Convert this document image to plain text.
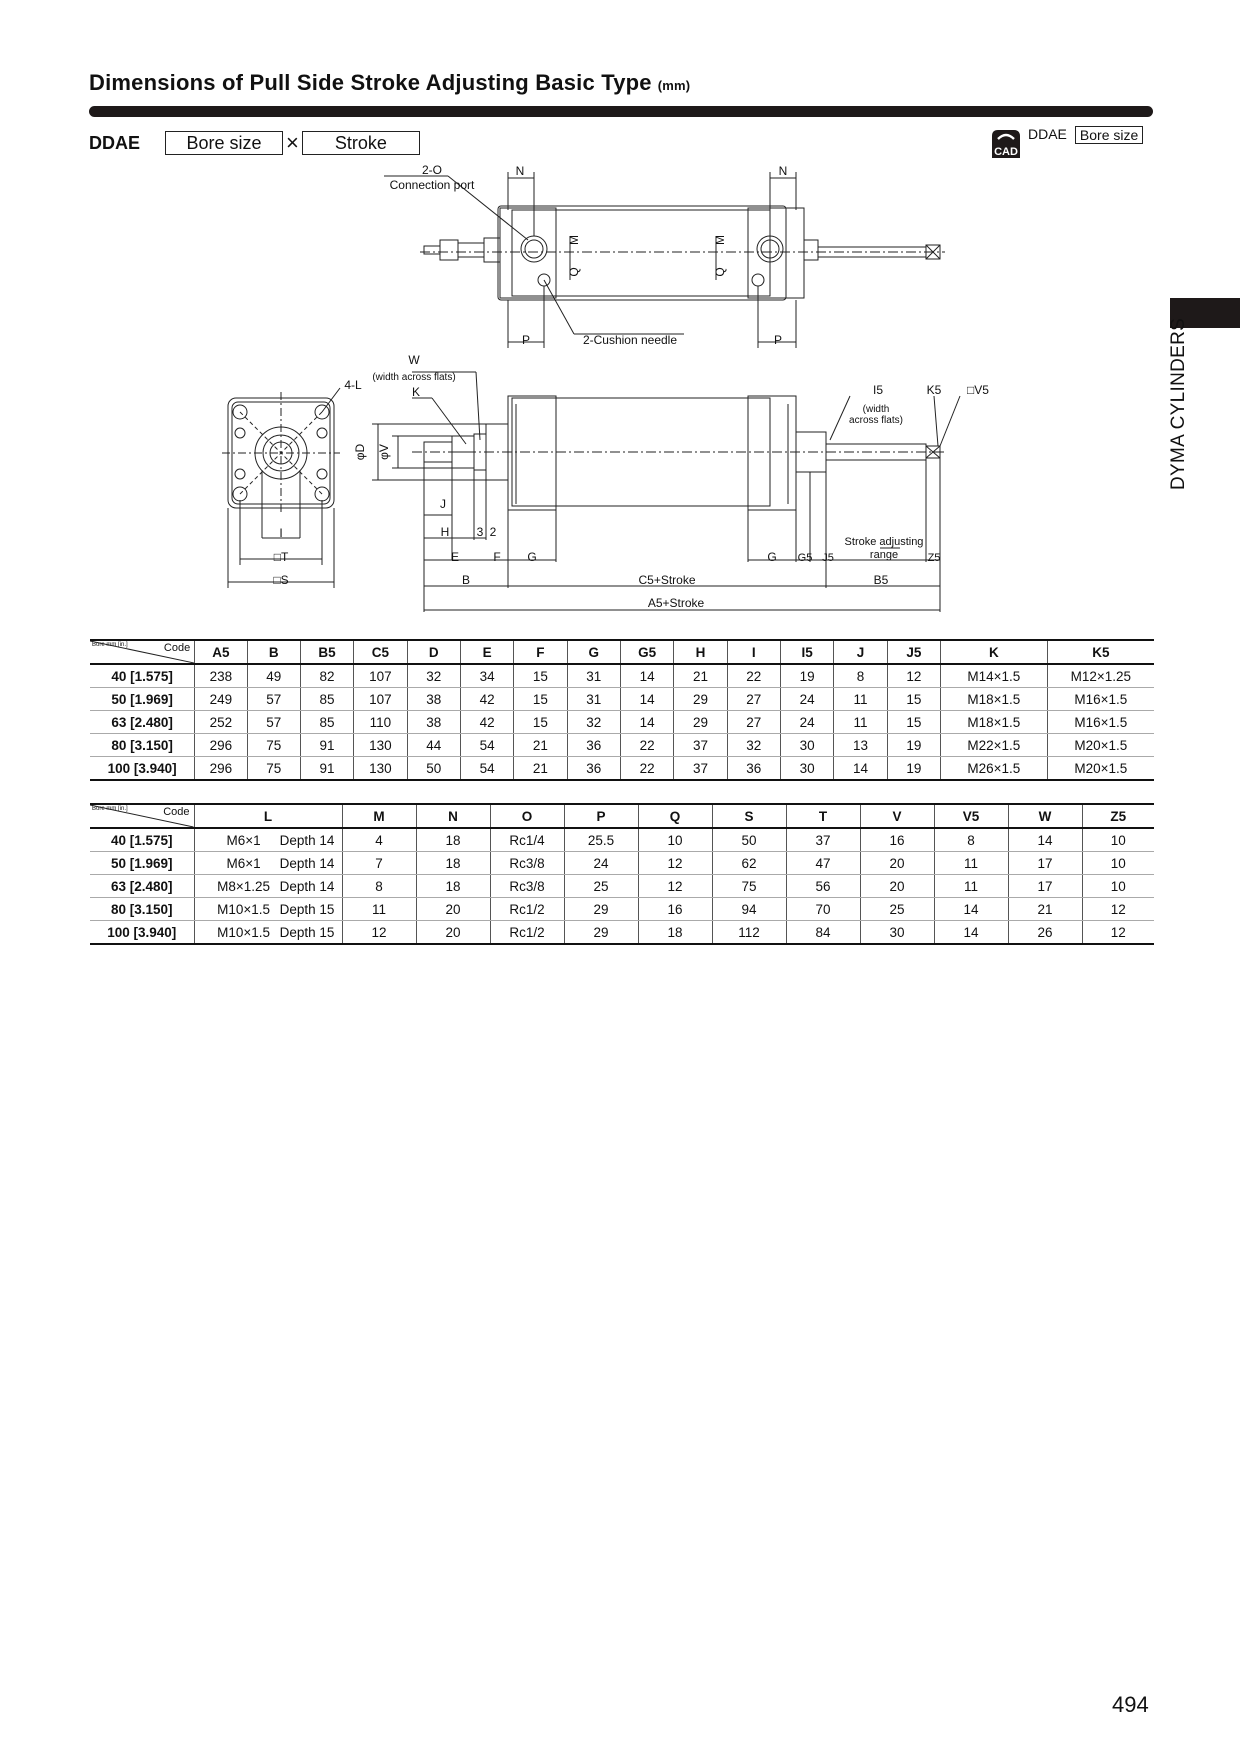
Dimensions of Pull Side Stroke Adjusting Basic Type (mm)
DDAE	Bore size	×	Stroke	CAD
DDAE Bore size
DYMA CYLINDERS
2-O
Connection port
N	N
M	M
Q	Q
P	P
2-Cushion needle
W
(width across flats)
K
4-L
φD φV
J
H 3 2
E	F G	G
B
I
□T
□S
I5
(width
across flats)
K5 □V5
G5 J5
Stroke adjusting
range	Z5
C5+Stroke	B5
A5+Stroke
Code
Bore mm [in.]	A5	B	B5	C5	D	E	F	G	G5	H	I	I5	J	J5	K	K5
40 [1.575]	238	49	82	107	32	34	15	31	14	21	22	19	8	12	M14×1.5	M12×1.25
50 [1.969]	249	57	85	107	38	42	15	31	14	29	27	24	11	15	M18×1.5	M16×1.5
63 [2.480]	252	57	85	110	38	42	15	32	14	29	27	24	11	15	M18×1.5	M16×1.5
80 [3.150]	296	75	91	130	44	54	21	36	22	37	32	30	13	19	M22×1.5	M20×1.5
100 [3.940]	296	75	91	130	50	54	21	36	22	37	36	30	14	19	M26×1.5	M20×1.5
Code
Bore mm [in.]	L	M	N	O	P	Q	S	T	V	V5	W	Z5
40 [1.575]	M6×1 Depth 14	4	18	Rc1/4	25.5	10	50	37	16	8	14	10
50 [1.969]	M6×1 Depth 14	7	18	Rc3/8	24	12	62	47	20	11	17	10
63 [2.480]	M8×1.25 Depth 14	8	18	Rc3/8	25	12	75	56	20	11	17	10
80 [3.150]	M10×1.5 Depth 15	11	20	Rc1/2	29	16	94	70	25	14	21	12
100 [3.940]	M10×1.5 Depth 15	12	20	Rc1/2	29	18	112	84	30	14	26	12
494
